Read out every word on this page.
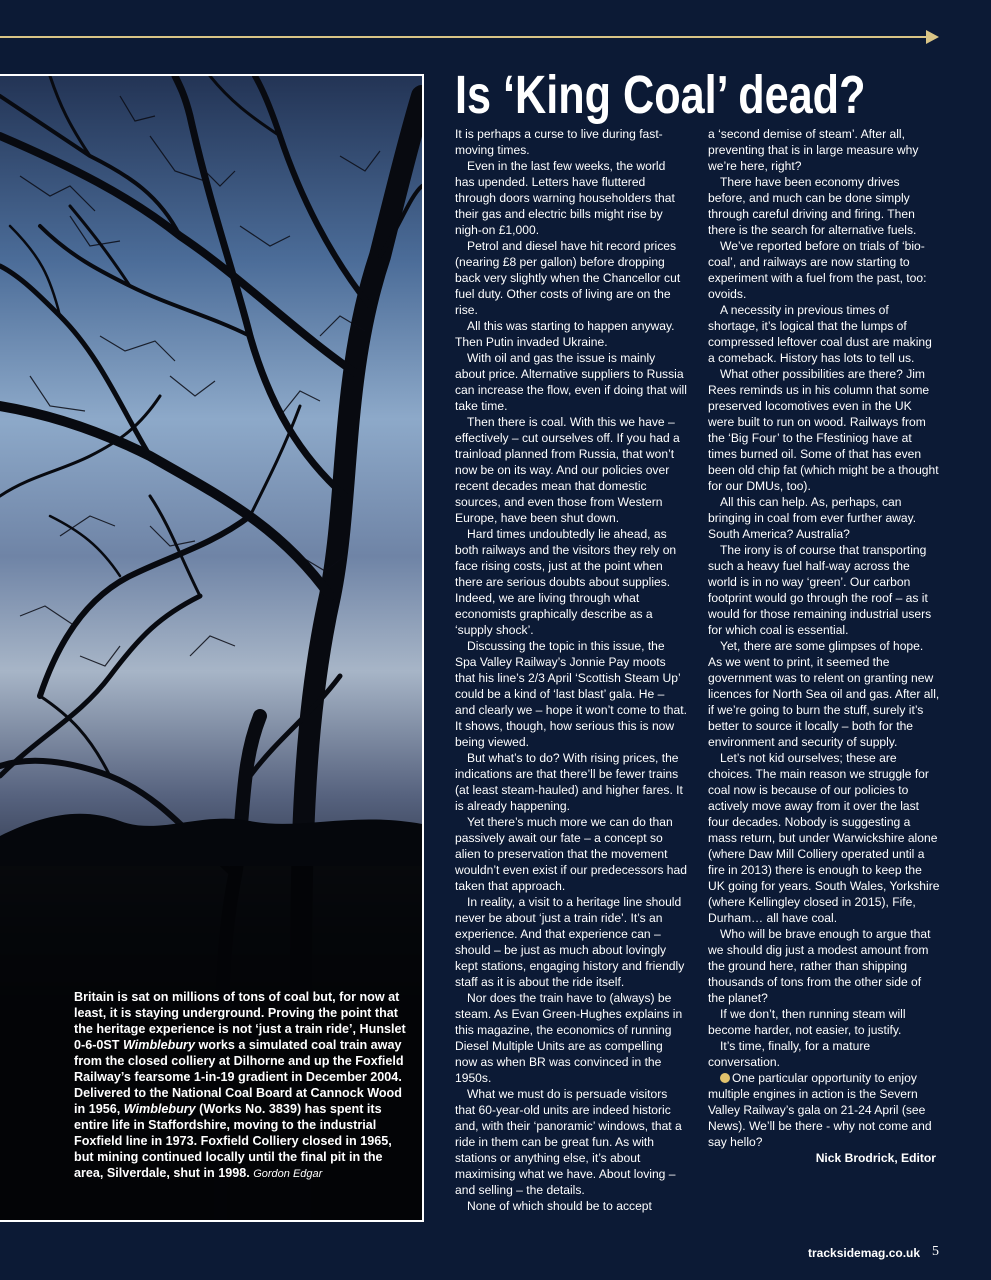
Britain is sat on millions of tons of coal but, for now at least, it is staying underground. Proving the point that the heritage experience is not ‘just a train ride’, Hunslet 0-6-0ST Wimblebury works a simulated coal train away from the closed colliery at Dilhorne and up the Foxfield Railway’s fearsome 1-in-19 gradient in December 2004. Delivered to the National Coal Board at Cannock Wood in 1956, Wimblebury (Works No. 3839) has spent its entire life in Staffordshire, moving to the industrial Foxfield line in 1973. Foxfield Colliery closed in 1965, but mining continued locally until the final pit in the area, Silverdale, shut in 1998. Gordon Edgar
Is ‘King Coal’ dead?

It is perhaps a curse to live during fast-moving times.

Even in the last few weeks, the world has upended. Letters have fluttered through doors warning householders that their gas and electric bills might rise by nigh-on £1,000.

Petrol and diesel have hit record prices (nearing £8 per gallon) before dropping back very slightly when the Chancellor cut fuel duty. Other costs of living are on the rise.

All this was starting to happen anyway. Then Putin invaded Ukraine.

With oil and gas the issue is mainly about price. Alternative suppliers to Russia can increase the flow, even if doing that will take time.

Then there is coal. With this we have – effectively – cut ourselves off. If you had a trainload planned from Russia, that won’t now be on its way. And our policies over recent decades mean that domestic sources, and even those from Western Europe, have been shut down.

Hard times undoubtedly lie ahead, as both railways and the visitors they rely on face rising costs, just at the point when there are serious doubts about supplies. Indeed, we are living through what economists graphically describe as a ‘supply shock’.

Discussing the topic in this issue, the Spa Valley Railway’s Jonnie Pay moots that his line’s 2/3 April ‘Scottish Steam Up’ could be a kind of ‘last blast’ gala. He – and clearly we – hope it won’t come to that. It shows, though, how serious this is now being viewed.

But what’s to do? With rising prices, the indications are that there’ll be fewer trains (at least steam-hauled) and higher fares. It is already happening.

Yet there’s much more we can do than passively await our fate – a concept so alien to preservation that the movement wouldn’t even exist if our predecessors had taken that approach.

In reality, a visit to a heritage line should never be about ‘just a train ride’. It’s an experience. And that experience can – should – be just as much about lovingly kept stations, engaging history and friendly staff as it is about the ride itself.

Nor does the train have to (always) be steam. As Evan Green-Hughes explains in this magazine, the economics of running Diesel Multiple Units are as compelling now as when BR was convinced in the 1950s.

What we must do is persuade visitors that 60-year-old units are indeed historic and, with their ‘panoramic’ windows, that a ride in them can be great fun. As with stations or anything else, it’s about maximising what we have. About loving – and selling – the details.

None of which should be to accept

a ‘second demise of steam’. After all, preventing that is in large measure why we’re here, right?

There have been economy drives before, and much can be done simply through careful driving and firing. Then there is the search for alternative fuels.

We’ve reported before on trials of ‘bio-coal’, and railways are now starting to experiment with a fuel from the past, too: ovoids.

A necessity in previous times of shortage, it’s logical that the lumps of compressed leftover coal dust are making a comeback. History has lots to tell us.

What other possibilities are there? Jim Rees reminds us in his column that some preserved locomotives even in the UK were built to run on wood. Railways from the ‘Big Four’ to the Ffestiniog have at times burned oil. Some of that has even been old chip fat (which might be a thought for our DMUs, too).

All this can help. As, perhaps, can bringing in coal from ever further away. South America? Australia?

The irony is of course that transporting such a heavy fuel half-way across the world is in no way ‘green’. Our carbon footprint would go through the roof – as it would for those remaining industrial users for which coal is essential.

Yet, there are some glimpses of hope. As we went to print, it seemed the government was to relent on granting new licences for North Sea oil and gas. After all, if we’re going to burn the stuff, surely it’s better to source it locally – both for the environment and security of supply.

Let’s not kid ourselves; these are choices. The main reason we struggle for coal now is because of our policies to actively move away from it over the last four decades. Nobody is suggesting a mass return, but under Warwickshire alone (where Daw Mill Colliery operated until a fire in 2013) there is enough to keep the UK going for years. South Wales, Yorkshire (where Kellingley closed in 2015), Fife, Durham… all have coal.

Who will be brave enough to argue that we should dig just a modest amount from the ground here, rather than shipping thousands of tons from the other side of the planet?

If we don’t, then running steam will become harder, not easier, to justify.

It’s time, finally, for a mature conversation.

One particular opportunity to enjoy multiple engines in action is the Severn Valley Railway’s gala on 21-24 April (see News). We’ll be there - why not come and say hello?

Nick Brodrick, Editor

tracksidemag.co.uk 5
